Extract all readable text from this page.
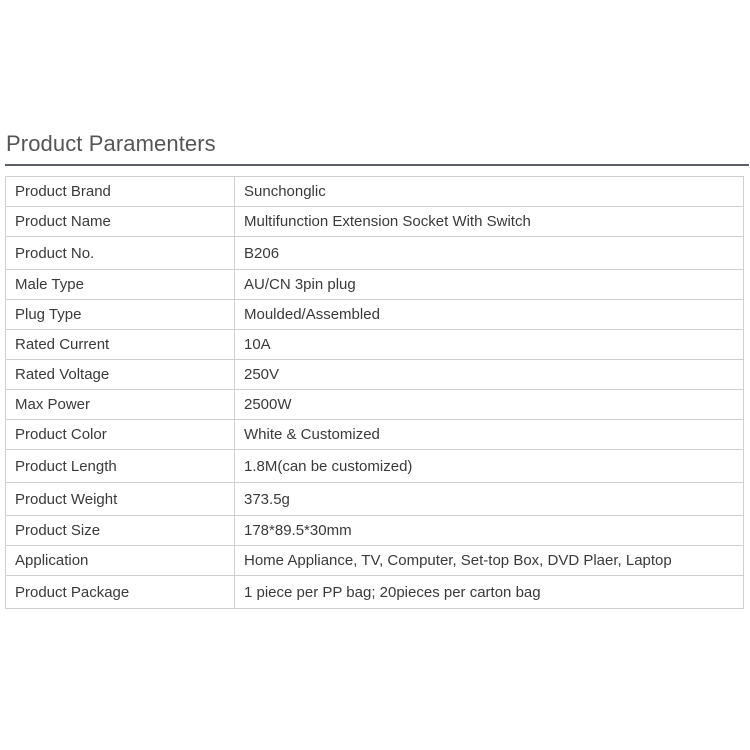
Product Paramenters
Product Brand	Sunchonglic
Product Name	Multifunction Extension Socket With Switch
Product No.	B206
Male Type	AU/CN 3pin plug
Plug Type	Moulded/Assembled
Rated Current	10A
Rated Voltage	250V
Max Power	2500W
Product Color	White & Customized
Product Length	1.8M(can be customized)
Product Weight	373.5g
Product Size	178*89.5*30mm
Application	Home Appliance, TV, Computer, Set-top Box, DVD Plaer, Laptop
Product Package	1 piece per PP bag; 20pieces per carton bag
